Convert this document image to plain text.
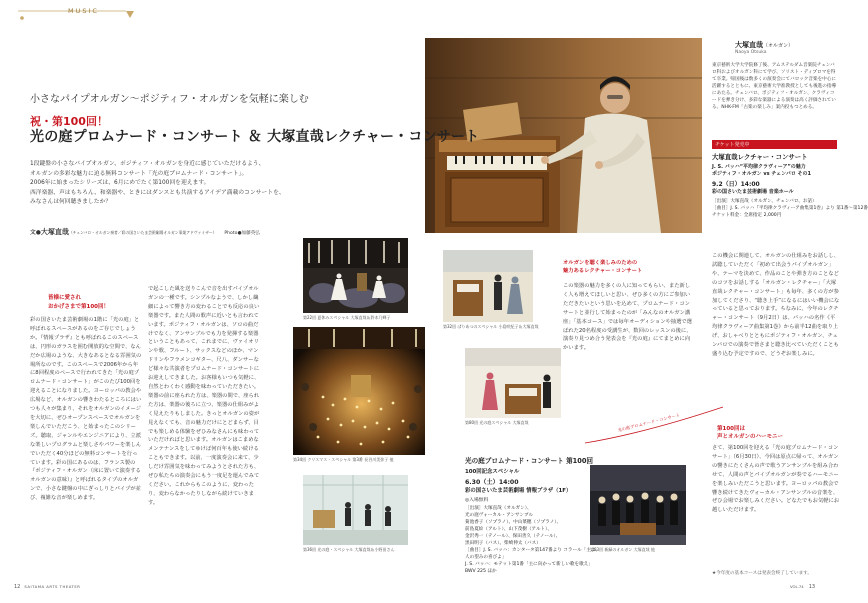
MUSIC
小さなパイプオルガン～ポジティフ・オルガンを気軽に楽しむ
祝・第100回！
光の庭プロムナード・コンサート ＆ 大塚直哉レクチャー・コンサート
1段鍵盤の小さなパイプオルガン、ポジティフ・オルガンを身近に感じていただけるよう、
オルガンの多彩な魅力に迫る無料コンサート「光の庭プロムナード・コンサート」。
2006年に始まったシリーズは、6月にめでたく第100回を迎えます。
西洋楽器、声はもちろん、和楽器や、ときにはダンスとも共演するアイデア満載のコンサートを、
みなさんは何回聴きましたか？
文●大塚直哉（チェンバロ・オルガン奏者／彩の国さいたま芸術劇場オルガン事業アドヴァイザー） Photo●加藤英弘
皆様に愛され
おかげさまで第100回！

彩の国さいたま芸術劇場の1階に「光の庭」と呼ばれるスペースがあるのをご存じでしょうか。『情報プラザ』とも呼ばれるこのスペースは、円形のガラスを囲む開放的な空間で、なんだか広場のような、大きなあるとなる雰囲気の場所なのです。このスペースで2006年から年に8回程度のペースで行われてきた「光の庭プロムナード・コンサート」がこのたび100回を迎えることになりました。ヨーロッパの教会や広場など、オルガンの響きわたるところにはいつも人々が集まり、それをオルガンのイメージを大切に、ぜひオープンスペースでオルガンを楽しんでいただこう、と始まったこのシリーズ。聴取、ジャンルやエンジニアにより、立派な楽しいプログラムと楽しさやパワーを楽しんでいただく40分ほどの無料コンサートを行っています。彩の国にあるのは、フランス製の『ポジティフ・オルガン（床に置いて演奏するオルガンの意味）』と呼ばれるタイプのオルガンで、小さな鍵盤の中にぎっしりとパイプが並び、複雑な音が楽しめます。

で起こした風を送りこんで音を出すパイプオルガンの一種です。シンプルなようで、しかし繊細によって響き方の変わることでも反応の良い楽器です。また人間の歌声に近いとも言われています。ポジティフ・オルガンは、ソロの曲だけでなく、アンサンブルでも力を発揮する楽器ということもあって、これまでに、ヴァイオリンや歌、フルート、サックスなどのほか、マンドリンやフラメンコギター、尺八、ダンサーなど様々な共演者をプロムナード・コンサートにお迎えしてきました。お客様もいつも気軽に、自然とわくわく感動を味わっていただきたい。楽器の前に座られた方は、楽器の間で、座られた方は、楽器の後ろに立つ、楽器の仕組みがよく見えたりもしました。きっとオルガンの姿が見えなくても、音の魅力だけにとどまらず、目でも楽しめる体験をぜひみなさんにも味わっていただければと思います。オルガンはこまめなメンテナンスをしてゆけば何百年も使い続けることもできます。以前、一度演奏会に来て、少しだけ雰囲気を味わってみようとされた方も、ぜひ私たちの演奏会にもう一度足を運んでみてください。これからもこのように、変わったり、変わらなかったりしながら続けていきます。

第22回 夏休みスペシャル 大塚直哉＆鈴木乃輝子
第34回 クリスマス・スペシャル 第3番 長谷川美弥子 他
第36回 光の庭・スペシャル 大塚直哉＆小野田さん
12 SAITAMA ARTS THEATER
大塚直哉（オルガン）
Naoya Otsuka
東京藝術大学大学院修了後、アムステルダム音楽院チェンバロ科およびオルガン科にて学び、ソリスト・ディプロマを得て卒業。帰国後は数多くの演奏会にてバロック音楽を中心に活躍するとともに、東京藝術大学准教授としても後進の指導にあたる。チェンバロ、ポジティフ・オルガン、クラヴィコードを弾き分け、多彩な楽器による演奏は高く評価されている。NHK-FM「古楽の楽しみ」案内役もつとめる。
チケット発売中
大塚直哉レクチャー・コンサート
J. S. バッハ“平均律クラヴィーア”の魅力
ポジティフ・オルガン vs チェンバロ その1
9.2（日）14:00
彩の国さいたま芸術劇場 音楽ホール
［出演］大塚直哉（オルガン、チェンバロ、お話）
［曲目］J. S. バッハ『平均律クラヴィーア曲集第1巻』より 第1番～第12番
チケット料金：全席指定 2,000円
第32回 ぱりあつのスペシャル 小島咲紀子＆大塚直哉
第80回 光の庭スペシャル 大塚直哉
オルガンを聴く楽しみのための
魅力あるレクチャー・コンサート

この楽器の魅力を多くの人に知ってもらい、また新しく人も増えてほしいと思い、ぜひ多くの方にご参加いただきたいという思いを込めて、プロムナード・コンサートと並行して始まったのが「みんなのオルガン講座」「基本コース」では毎年オーディションや抽選で選ばれた20名程度の受講生が、数回のレッスンの後に、演奏り見つめ合う発表会を『光の庭』にてまとめに向かいます。

光の庭プロムナード・コンサート
光の庭プロムナード・コンサート 第100回
100回記念スペシャル
6.30（土）14:00
彩の国さいたま芸術劇場 情報プラザ（1F）
◎入場無料
［出演］大塚直哉（オルガン）、
光の庭ヴォーカル・アンサンブル
菊池香子（ソプラノ）、中山菜穂（ソプラノ）、
前島夏絵（アルト）、山下茂樹（アルト）、
金沢秀一（テノール）、保田善久（テノール）、
黒田明子（バス）、柴崎伸太（バス）
［曲目］J. S. バッハ：カンタータ第147番より コラール「主よ、人の望みの喜びよ」
J. S. バッハ：モテット第1番「主に向かって新しい歌を歌え」BWV 225 ほか
第83回 新緑のオルガン 大塚直哉 他

この機会に関連して、オルガンの仕組みをお話しし、試聴していただく「初めて出会うパイプオルガン」や、テーマを決めて、作品のことや弾き方のことなどのコツをお話しする「オルガン・レクチャー」「大塚直哉レクチャー・コンサート」も毎年、多くの方が参加してくださり、“聴き上手”になるにはいい機会になっていると思っております。ちなみに、今年のレクチャー・コンサート（9月2日）は、バッハの名作《平均律クラヴィーア曲集第1巻》から前半12曲を取り上げ、おしゃべりとともにポジティフ・オルガン、チェンバロでの演奏で皆さまと聴き比べていただくことも盛り込む予定ですので、どうぞお楽しみに。

第100回は
声とオルガンのハーモニー

さて、第100回を迎える「光の庭プロムナード・コンサート」（6月30日）、今回は原点に帰って、オルガンの響きにたくさんの声で歌うアンサンブルを組み合わせて、人間の声とパイプオルガンが奏でるハーモニーを楽しみいただこうと思います。ヨーロッパの教会で響き続けてきたヴォーカル・アンサンブルの音楽を、ぜひ会場でお楽しみください。どなたでもお気軽にお越しいただけます。

★今年度の基本コースは発表会終了しています。
VOL.74 13
